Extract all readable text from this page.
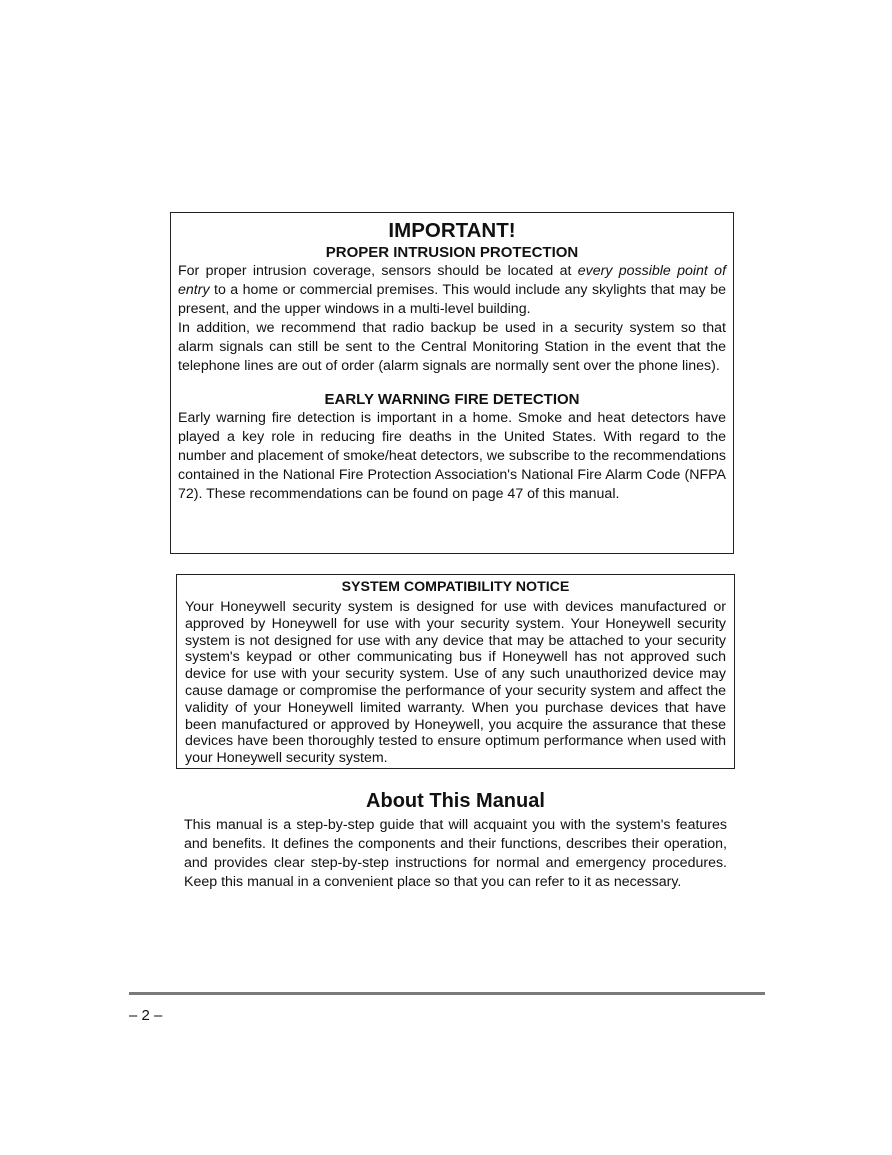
IMPORTANT!
PROPER INTRUSION PROTECTION

For proper intrusion coverage, sensors should be located at every possible point of entry to a home or commercial premises. This would include any skylights that may be present, and the upper windows in a multi-level building.

In addition, we recommend that radio backup be used in a security system so that alarm signals can still be sent to the Central Monitoring Station in the event that the telephone lines are out of order (alarm signals are normally sent over the phone lines).

EARLY WARNING FIRE DETECTION

Early warning fire detection is important in a home. Smoke and heat detectors have played a key role in reducing fire deaths in the United States. With regard to the number and placement of smoke/heat detectors, we subscribe to the recommendations contained in the National Fire Protection Association's National Fire Alarm Code (NFPA 72). These recommendations can be found on page 47 of this manual.

SYSTEM COMPATIBILITY NOTICE

Your Honeywell security system is designed for use with devices manufactured or approved by Honeywell for use with your security system. Your Honeywell security system is not designed for use with any device that may be attached to your security system's keypad or other communicating bus if Honeywell has not approved such device for use with your security system. Use of any such unauthorized device may cause damage or compromise the performance of your security system and affect the validity of your Honeywell limited warranty. When you purchase devices that have been manufactured or approved by Honeywell, you acquire the assurance that these devices have been thoroughly tested to ensure optimum performance when used with your Honeywell security system.

About This Manual

This manual is a step-by-step guide that will acquaint you with the system's features and benefits. It defines the components and their functions, describes their operation, and provides clear step-by-step instructions for normal and emergency procedures. Keep this manual in a convenient place so that you can refer to it as necessary.

– 2 –
